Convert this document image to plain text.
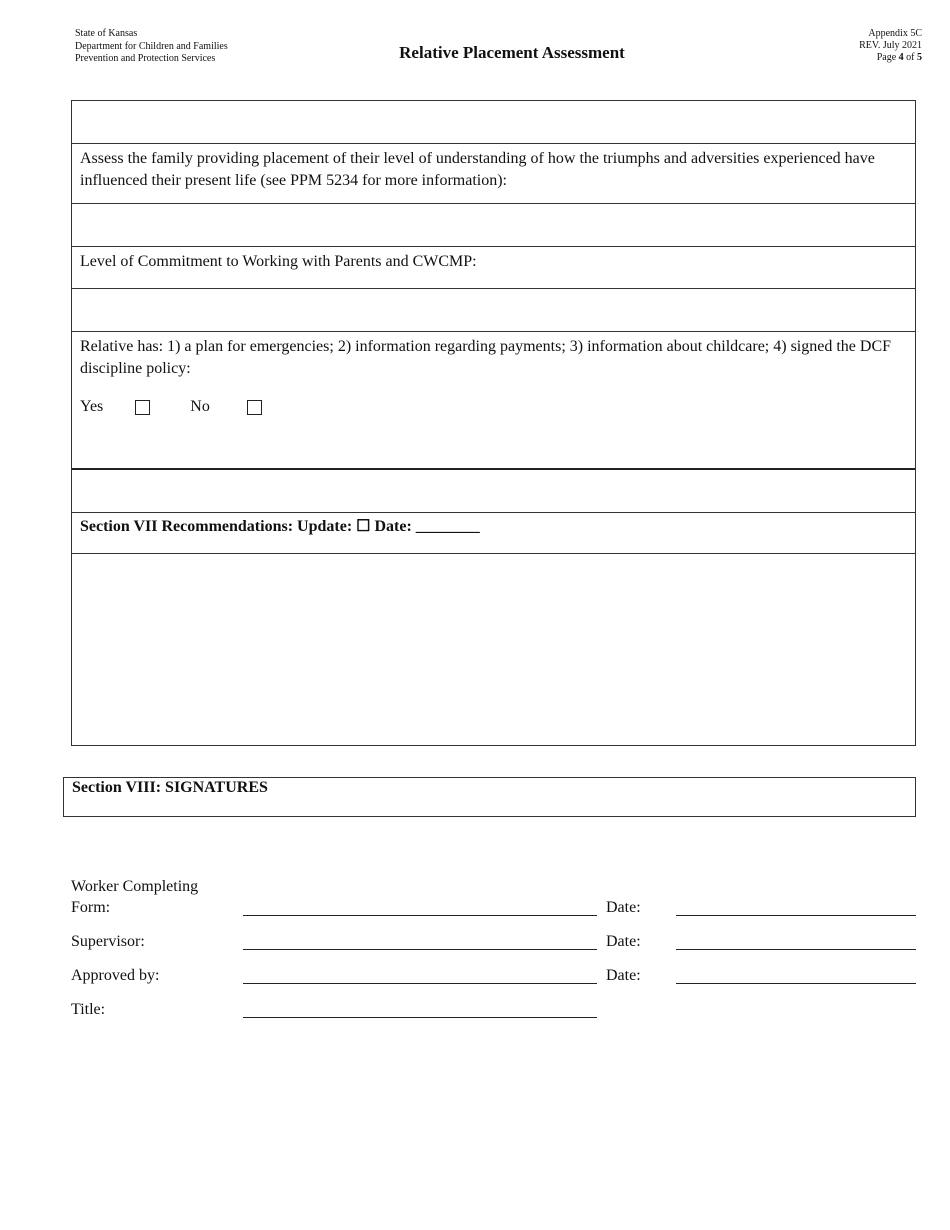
State of Kansas
Department for Children and Families
Prevention and Protection Services	Relative Placement Assessment
Appendix 5C
REV. July 2021
Page 4 of 5
Assess the family providing placement of their level of understanding of how the triumphs and adversities experienced have influenced their present life (see PPM 5234 for more information):
Level of Commitment to Working with Parents and CWCMP:
Relative has: 1) a plan for emergencies; 2) information regarding payments; 3) information about childcare; 4) signed the DCF discipline policy:
Yes	No
Section VII Recommendations: Update: ☐ Date: ________
Section VIII: SIGNATURES
Worker Completing
Form:	Date:
Supervisor:	Date:
Approved by:	Date:
Title:
